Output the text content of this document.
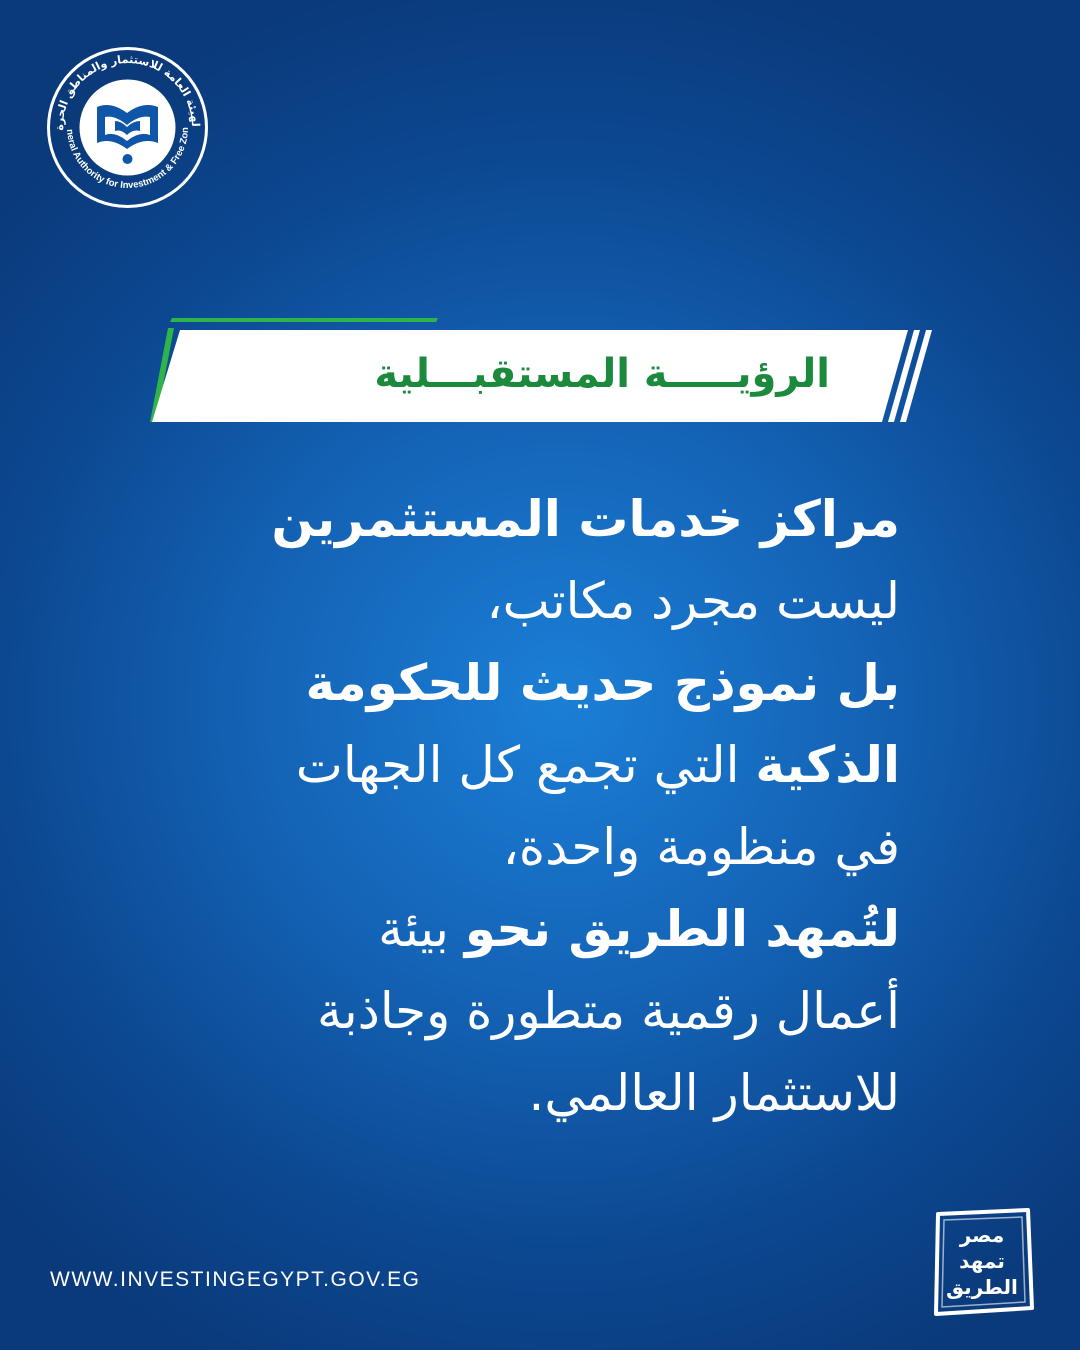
لهيئة العامة للاستثمار والمناطق الحرة
neral Authority for Investment & Free Zon
الرؤيـــــة المستقبـــلية
مراكز خدمات المستثمرين
ليست مجرد مكاتب،
بل نموذج حديث للحكومة
الذكية التي تجمع كل الجهات
في منظومة واحدة،
لتُمهد الطريق نحو بيئة
أعمال رقمية متطورة وجاذبة
للاستثمار العالمي.
WWW.INVESTINGEGYPT.GOV.EG
مصر
تمهد
الطريق
